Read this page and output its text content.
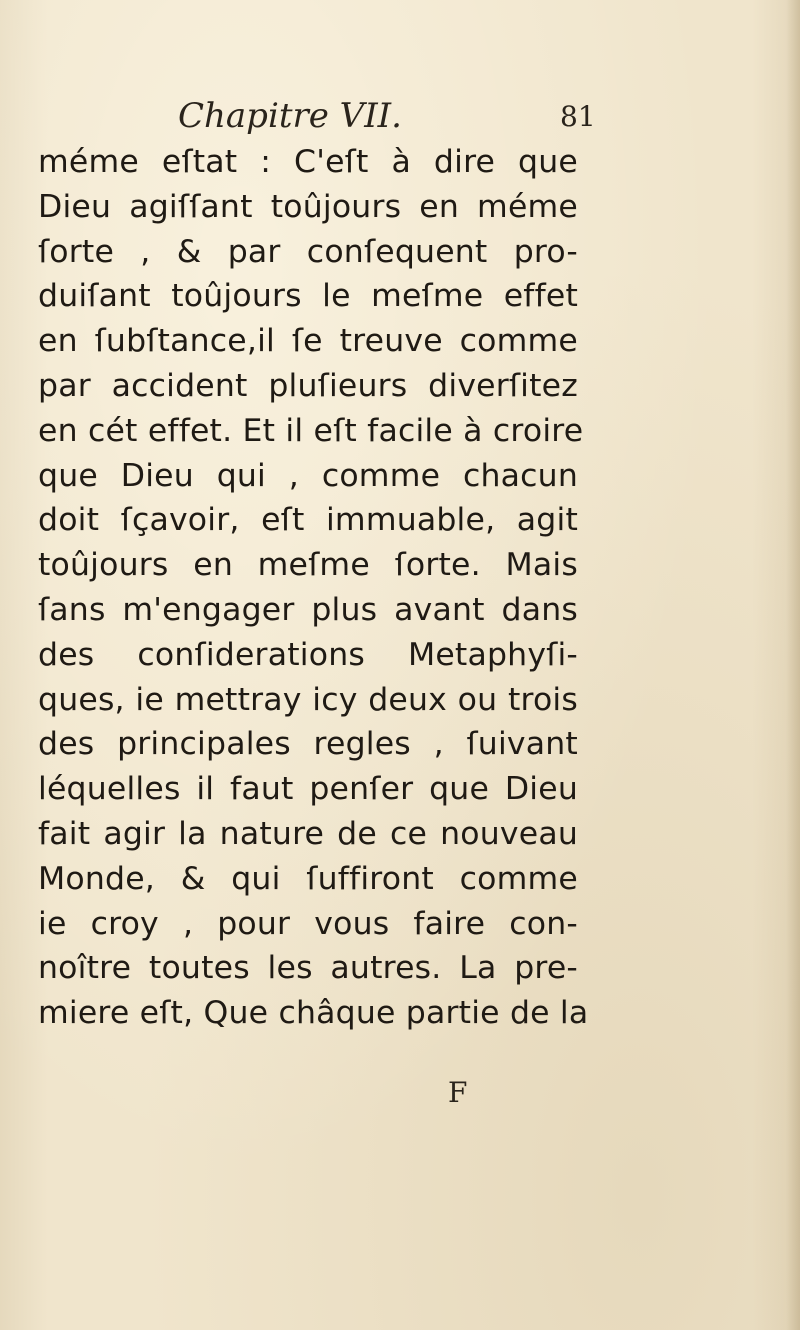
Chapitre VII.	81
méme eſtat : C'eſt à dire que
Dieu agiſſant toûjours en méme
ſorte , & par conſequent pro-
duiſant toûjours le meſme effet
en ſubſtance,il ſe treuve comme
par accident pluſieurs diverſitez
en cét effet. Et il eſt facile à croire
que Dieu qui , comme chacun
doit ſçavoir, eſt immuable, agit
toûjours en meſme ſorte. Mais
ſans m'engager plus avant dans
des conſiderations Metaphyſi-
ques, ie mettray icy deux ou trois
des principales regles , ſuivant
léquelles il faut penſer que Dieu
fait agir la nature de ce nouveau
Monde, & qui ſuffiront comme
ie croy , pour vous faire con-
noître toutes les autres. La pre-
miere eſt, Que châque partie de la
F
